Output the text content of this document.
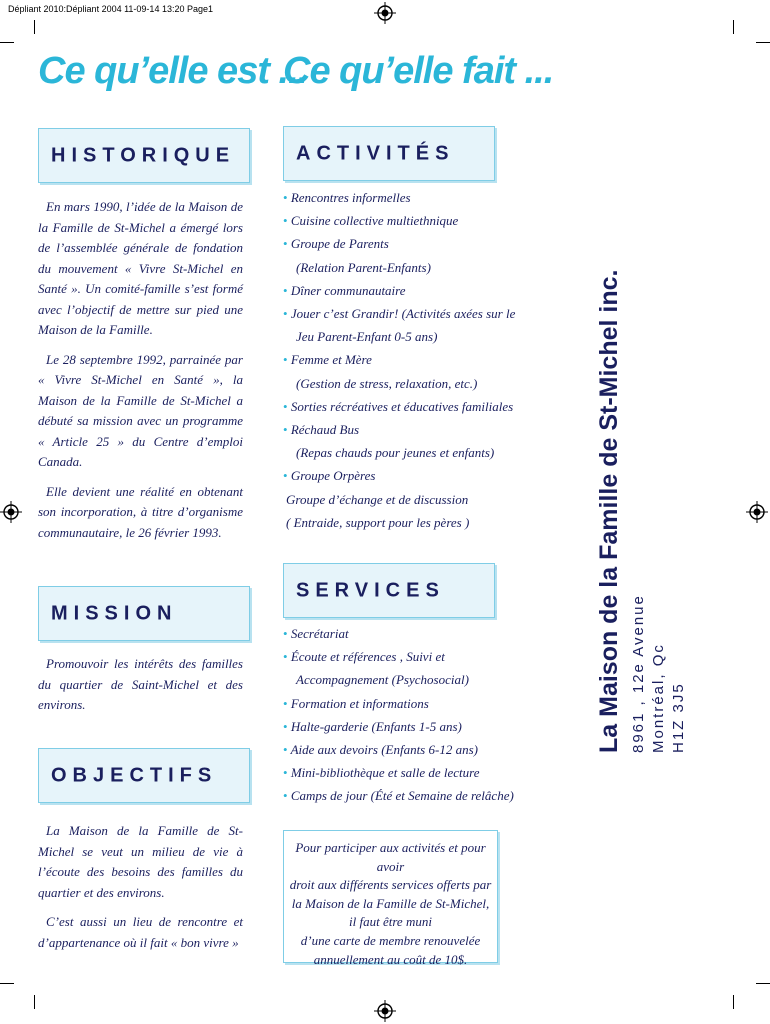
Dépliant 2010:Dépliant 2004 11-09-14 13:20 Page1
Ce qu’elle est ...
Ce qu’elle fait ...
HISTORIQUE

En mars 1990, l’idée de la Maison de la Famille de St-Michel a émergé lors de l’assemblée générale de fondation du mouvement « Vivre St-Michel en Santé ». Un comité-famille s’est formé avec l’objectif de mettre sur pied une Maison de la Famille.

Le 28 septembre 1992, parrainée par « Vivre St-Michel en Santé », la Maison de la Famille de St-Michel a débuté sa mission avec un programme « Article 25 » du Centre d’emploi Canada.

Elle devient une réalité en obtenant son incorporation, à titre d’organisme communautaire, le 26 février 1993.

MISSION

Promouvoir les intérêts des familles du quartier de Saint-Michel et des environs.

OBJECTIFS

La Maison de la Famille de St-Michel se veut un milieu de vie à l’écoute des besoins des familles du quartier et des environs.

C’est aussi un lieu de rencontre et d’appartenance où il fait « bon vivre »

ACTIVITÉS
• Rencontres informelles
• Cuisine collective multiethnique
• Groupe de Parents
(Relation Parent-Enfants)
• Dîner communautaire
• Jouer c’est Grandir! (Activités axées sur le
Jeu Parent-Enfant 0-5 ans)
• Femme et Mère
(Gestion de stress, relaxation, etc.)
• Sorties récréatives et éducatives familiales
• Réchaud Bus
(Repas chauds pour jeunes et enfants)
• Groupe Orpères
Groupe d’échange et de discussion
( Entraide, support pour les pères )
SERVICES
• Secrétariat
• Écoute et références , Suivi et
Accompagnement (Psychosocial)
• Formation et informations
• Halte-garderie (Enfants 1-5 ans)
• Aide aux devoirs (Enfants 6-12 ans)
• Mini-bibliothèque et salle de lecture
• Camps de jour (Été et Semaine de relâche)
Pour participer aux activités et pour avoir
droit aux différents services offerts par
la Maison de la Famille de St-Michel,
il faut être muni
d’une carte de membre renouvelée
annuellement au coût de 10$.
La Maison de la Famille de St-Michel inc. 8961 , 12e Avenue Montréal, Qc H1Z 3J5
